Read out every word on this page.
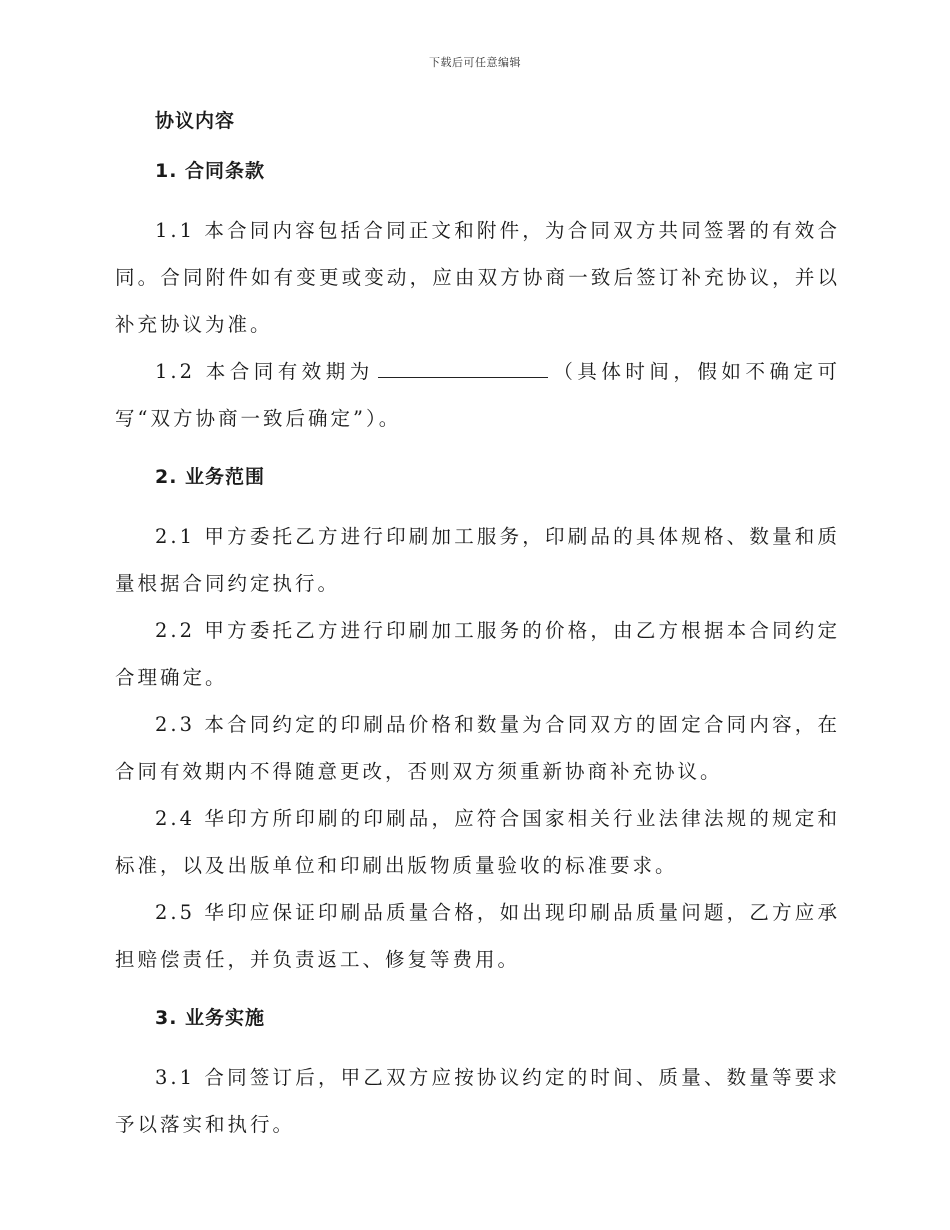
下载后可任意编辑
协议内容
1. 合同条款

1.1 本合同内容包括合同正文和附件，为合同双方共同签署的有效合同。合同附件如有变更或变动，应由双方协商一致后签订补充协议，并以补充协议为准。

1.2 本合同有效期为	（具体时间，假如不确定可写“双方协商一致后确定”）。

2. 业务范围

2.1 甲方委托乙方进行印刷加工服务，印刷品的具体规格、数量和质量根据合同约定执行。

2.2 甲方委托乙方进行印刷加工服务的价格，由乙方根据本合同约定合理确定。

2.3 本合同约定的印刷品价格和数量为合同双方的固定合同内容，在合同有效期内不得随意更改，否则双方须重新协商补充协议。

2.4 华印方所印刷的印刷品，应符合国家相关行业法律法规的规定和标准，以及出版单位和印刷出版物质量验收的标准要求。

2.5 华印应保证印刷品质量合格，如出现印刷品质量问题，乙方应承担赔偿责任，并负责返工、修复等费用。

3. 业务实施

3.1 合同签订后，甲乙双方应按协议约定的时间、质量、数量等要求予以落实和执行。
